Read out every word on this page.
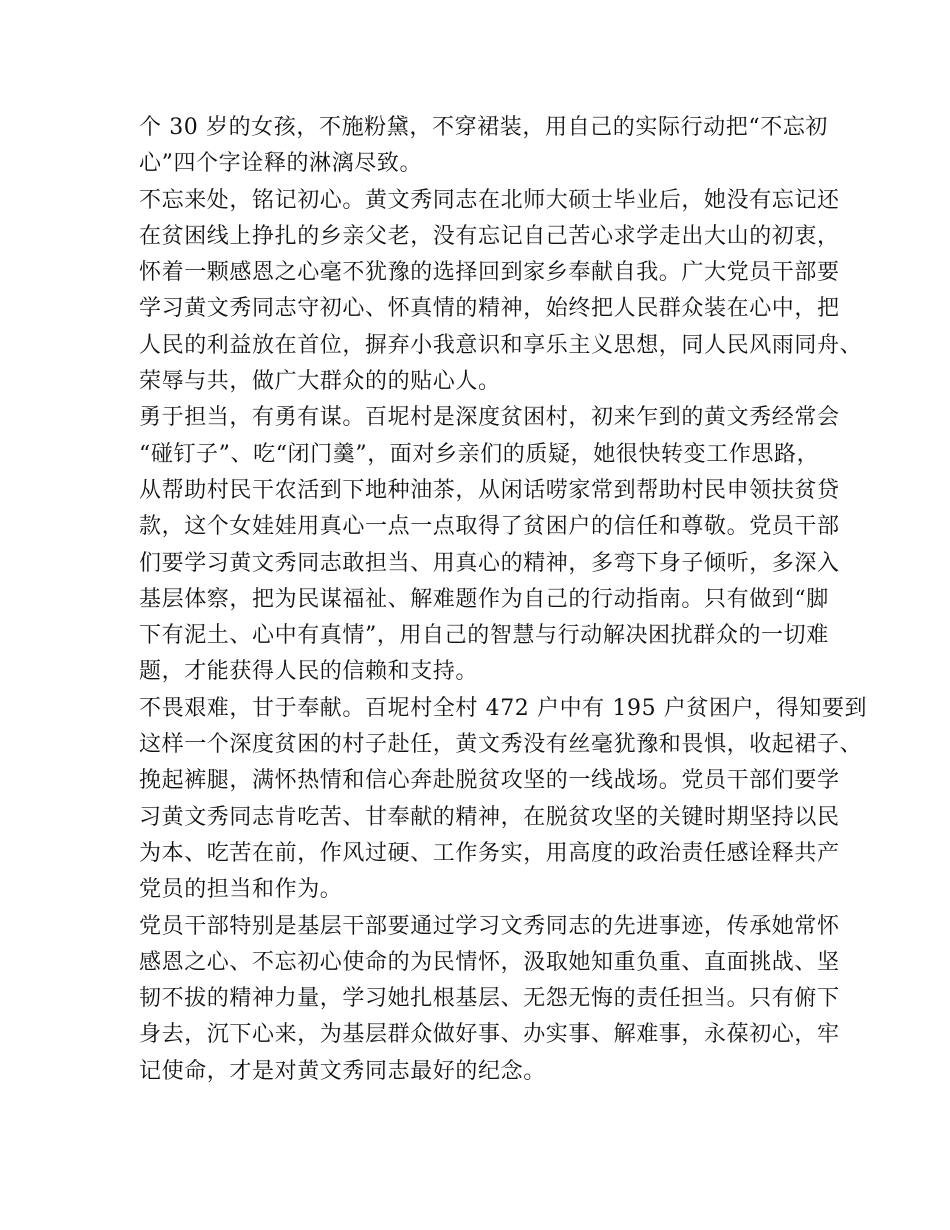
个 30 岁的女孩，不施粉黛，不穿裙装，用自己的实际行动把“不忘初
心”四个字诠释的淋漓尽致。
不忘来处，铭记初心。黄文秀同志在北师大硕士毕业后，她没有忘记还
在贫困线上挣扎的乡亲父老，没有忘记自己苦心求学走出大山的初衷，
怀着一颗感恩之心毫不犹豫的选择回到家乡奉献自我。广大党员干部要
学习黄文秀同志守初心、怀真情的精神，始终把人民群众装在心中，把
人民的利益放在首位，摒弃小我意识和享乐主义思想，同人民风雨同舟、
荣辱与共，做广大群众的的贴心人。
勇于担当，有勇有谋。百坭村是深度贫困村，初来乍到的黄文秀经常会
“碰钉子”、吃“闭门羹”，面对乡亲们的质疑，她很快转变工作思路，
从帮助村民干农活到下地种油茶，从闲话唠家常到帮助村民申领扶贫贷
款，这个女娃娃用真心一点一点取得了贫困户的信任和尊敬。党员干部
们要学习黄文秀同志敢担当、用真心的精神，多弯下身子倾听，多深入
基层体察，把为民谋福祉、解难题作为自己的行动指南。只有做到“脚
下有泥土、心中有真情”，用自己的智慧与行动解决困扰群众的一切难
题，才能获得人民的信赖和支持。
不畏艰难，甘于奉献。百坭村全村 472 户中有 195 户贫困户，得知要到
这样一个深度贫困的村子赴任，黄文秀没有丝毫犹豫和畏惧，收起裙子、
挽起裤腿，满怀热情和信心奔赴脱贫攻坚的一线战场。党员干部们要学
习黄文秀同志肯吃苦、甘奉献的精神，在脱贫攻坚的关键时期坚持以民
为本、吃苦在前，作风过硬、工作务实，用高度的政治责任感诠释共产
党员的担当和作为。
党员干部特别是基层干部要通过学习文秀同志的先进事迹，传承她常怀
感恩之心、不忘初心使命的为民情怀，汲取她知重负重、直面挑战、坚
韧不拔的精神力量，学习她扎根基层、无怨无悔的责任担当。只有俯下
身去，沉下心来，为基层群众做好事、办实事、解难事，永葆初心，牢
记使命，才是对黄文秀同志最好的纪念。
